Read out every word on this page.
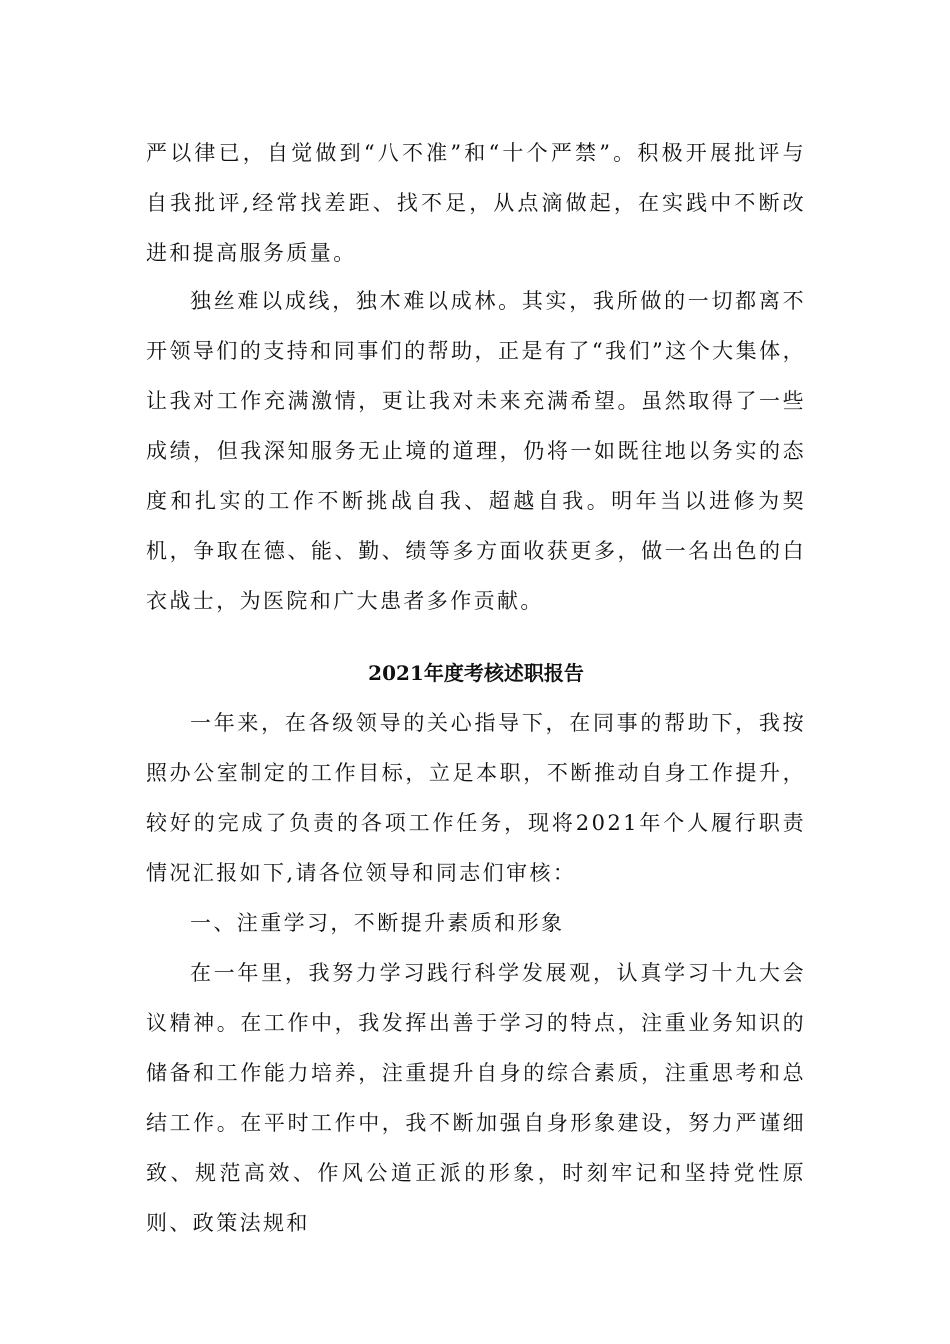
严以律已，自觉做到“八不准”和“十个严禁”。积极开展批评与自我批评,经常找差距、找不足，从点滴做起，在实践中不断改进和提高服务质量。

独丝难以成线，独木难以成林。其实，我所做的一切都离不开领导们的支持和同事们的帮助，正是有了“我们”这个大集体，让我对工作充满激情，更让我对未来充满希望。虽然取得了一些成绩，但我深知服务无止境的道理，仍将一如既往地以务实的态度和扎实的工作不断挑战自我、超越自我。明年当以进修为契机，争取在德、能、勤、绩等多方面收获更多，做一名出色的白衣战士，为医院和广大患者多作贡献。

2021年度考核述职报告

一年来，在各级领导的关心指导下，在同事的帮助下，我按照办公室制定的工作目标，立足本职，不断推动自身工作提升，较好的完成了负责的各项工作任务，现将2021年个人履行职责情况汇报如下,请各位领导和同志们审核：

一、注重学习，不断提升素质和形象

在一年里，我努力学习践行科学发展观，认真学习十九大会议精神。在工作中，我发挥出善于学习的特点，注重业务知识的储备和工作能力培养，注重提升自身的综合素质，注重思考和总结工作。在平时工作中，我不断加强自身形象建设，努力严谨细致、规范高效、作风公道正派的形象，时刻牢记和坚持党性原则、政策法规和
